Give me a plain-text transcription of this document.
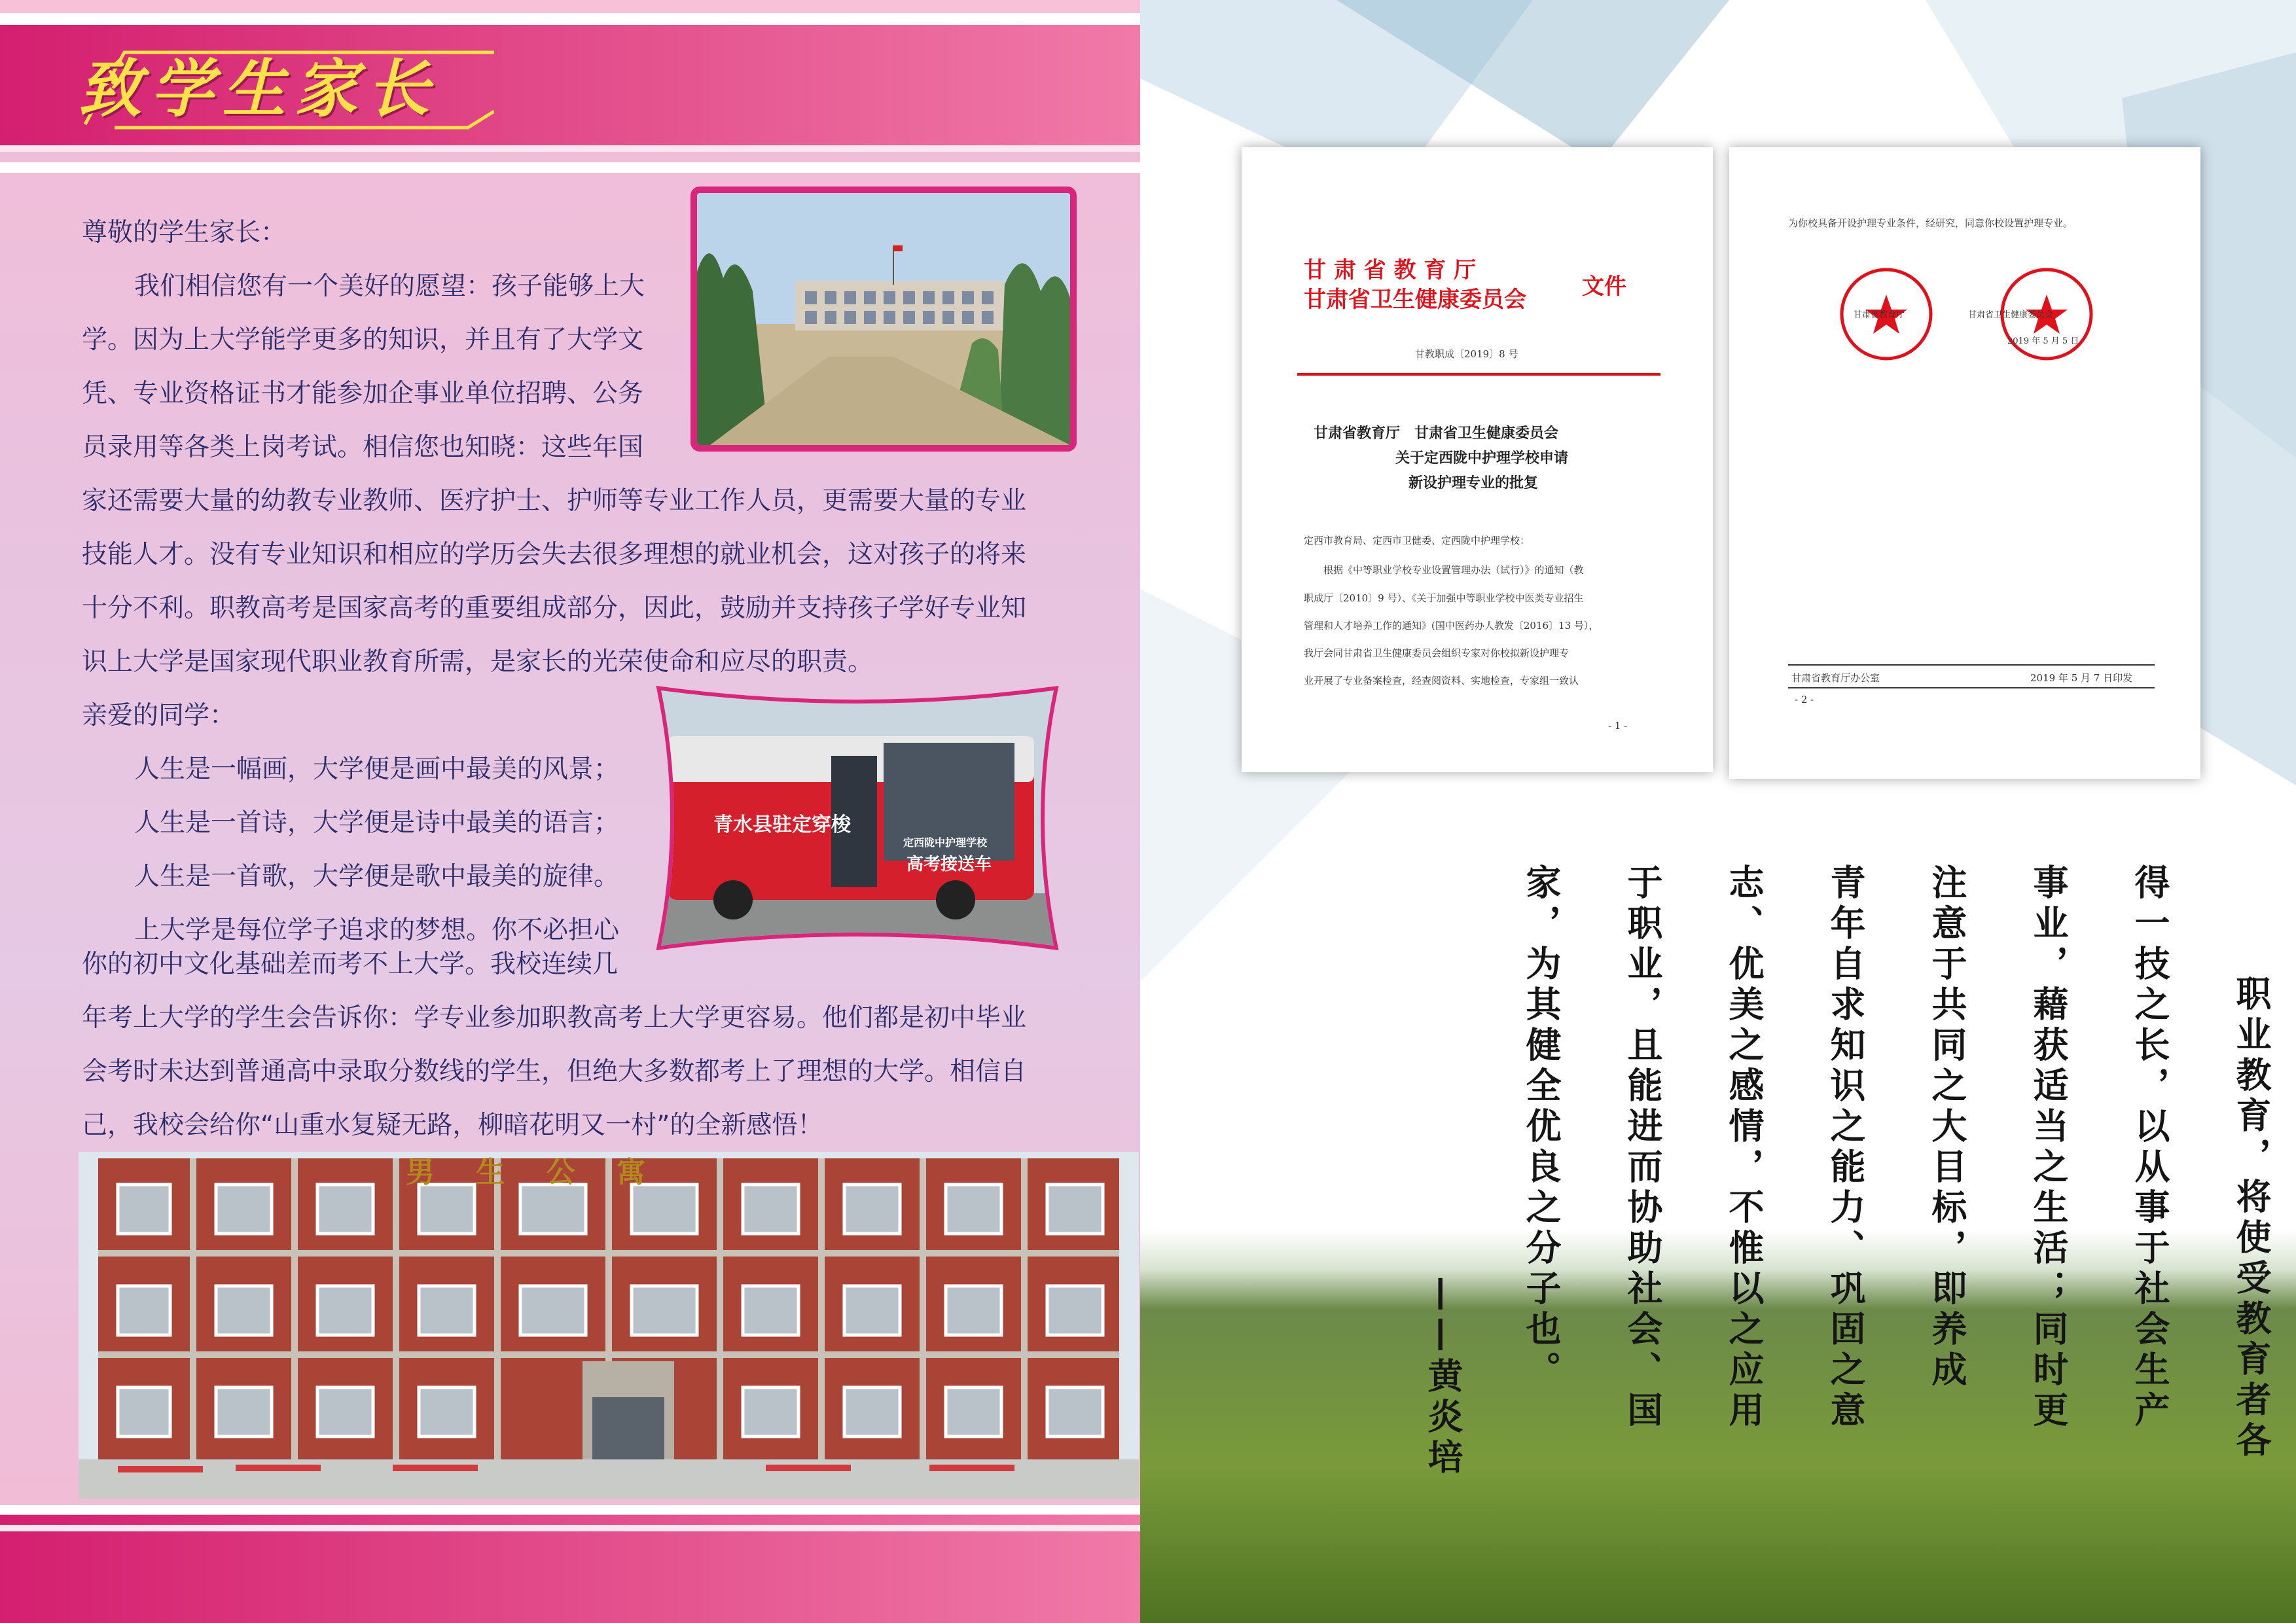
致学生家长
尊敬的学生家长：
我们相信您有一个美好的愿望：孩子能够上大
学。因为上大学能学更多的知识，并且有了大学文
凭、专业资格证书才能参加企事业单位招聘、公务
员录用等各类上岗考试。相信您也知晓：这些年国
家还需要大量的幼教专业教师、医疗护士、护师等专业工作人员，更需要大量的专业
技能人才。没有专业知识和相应的学历会失去很多理想的就业机会，这对孩子的将来
十分不利。职教高考是国家高考的重要组成部分，因此，鼓励并支持孩子学好专业知
识上大学是国家现代职业教育所需，是家长的光荣使命和应尽的职责。
亲爱的同学：
人生是一幅画，大学便是画中最美的风景；
人生是一首诗，大学便是诗中最美的语言；
人生是一首歌，大学便是歌中最美的旋律。
上大学是每位学子追求的梦想。你不必担心
你的初中文化基础差而考不上大学。我校连续几
年考上大学的学生会告诉你：学专业参加职教高考上大学更容易。他们都是初中毕业
会考时未达到普通高中录取分数线的学生，但绝大多数都考上了理想的大学。相信自
己，我校会给你“山重水复疑无路，柳暗花明又一村”的全新感悟！
青水县驻定穿梭
定西陇中护理学校
高考接送车
男 生 公 寓
甘 肃 省 教 育 厅
甘肃省卫生健康委员会	文件
甘教职成〔2019〕8 号
甘肃省教育厅　甘肃省卫生健康委员会
关于定西陇中护理学校申请
新设护理专业的批复
定西市教育局、定西市卫健委、定西陇中护理学校：
根据《中等职业学校专业设置管理办法（试行）》的通知（教
职成厅〔2010〕9 号）、《关于加强中等职业学校中医类专业招生
管理和人才培养工作的通知》(国中医药办人教发〔2016〕13 号），
我厅会同甘肃省卫生健康委员会组织专家对你校拟新设护理专
业开展了专业备案检查，经查阅资料、实地检查，专家组一致认
- 1 -
为你校具备开设护理专业条件，经研究，同意你校设置护理专业。
甘肃省教育厅	甘肃省卫生健康委员会
2019 年 5 月 5 日
甘肃省教育厅办公室	2019 年 5 月 7 日印发
- 2 -
职业教育，将使受教育者各
得一技之长，以从事于社会生产
事业，藉获适当之生活；同时更
注意于共同之大目标，即养成
青年自求知识之能力、巩固之意
志、优美之感情，不惟以之应用
于职业，且能进而协助社会、国
家，为其健全优良之分子也。
——黄炎培
